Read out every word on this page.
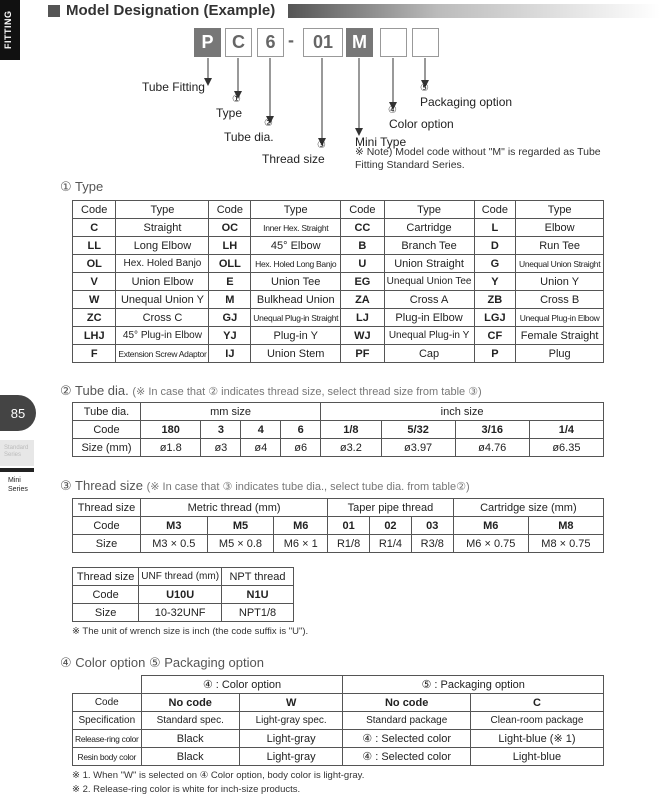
FITTING
85
Standard Series
Mini Series
Model Designation (Example)
P	C	6 -	01	M
Tube Fitting
①
Type
②
Tube dia.
③
Thread size
④
Color option
⑤
Packaging option
Mini Type
※ Note) Model code without "M" is regarded as Tube Fitting Standard Series.
① Type
Code	Type	Code	Type	Code	Type	Code	Type
C	Straight	OC	Inner Hex. Straight	CC	Cartridge	L	Elbow
LL	Long Elbow	LH	45° Elbow	B	Branch Tee	D	Run Tee
OL	Hex. Holed Banjo	OLL	Hex. Holed Long Banjo	U	Union Straight	G	Unequal Union Straight
V	Union Elbow	E	Union Tee	EG	Unequal Union Tee	Y	Union Y
W	Unequal Union Y	M	Bulkhead Union	ZA	Cross A	ZB	Cross B
ZC	Cross C	GJ	Unequal Plug-in Straight	LJ	Plug-in Elbow	LGJ	Unequal Plug-in Elbow
LHJ	45° Plug-in Elbow	YJ	Plug-in Y	WJ	Unequal Plug-in Y	CF	Female Straight
F	Extension Screw Adaptor	IJ	Union Stem	PF	Cap	P	Plug
② Tube dia. (※ In case that ② indicates thread size, select thread size from table ③)
Tube dia.	mm size				inch size			
Code	180	3	4	6	1/8	5/32	3/16	1/4
Size (mm)	ø1.8	ø3	ø4	ø6	ø3.2	ø3.97	ø4.76	ø6.35
③ Thread size (※ In case that ③ indicates tube dia., select tube dia. from table②)
Thread size	Metric thread (mm)			Taper pipe thread			Cartridge size (mm)	
Code	M3	M5	M6	01	02	03	M6	M8
Size	M3 × 0.5	M5 × 0.8	M6 × 1	R1/8	R1/4	R3/8	M6 × 0.75	M8 × 0.75
Thread size	UNF thread (mm)	NPT thread
Code	U10U	N1U
Size	10-32UNF	NPT1/8
※ The unit of wrench size is inch (the code suffix is "U").
④ Color option ⑤ Packaging option
	④ : Color option		⑤ : Packaging option	
Code	No code	W	No code	C
Specification	Standard spec.	Light-gray spec.	Standard package	Clean-room package
Release-ring color	Black	Light-gray	④ : Selected color	Light-blue (※ 1)
Resin body color	Black	Light-gray	④ : Selected color	Light-blue
※ 1. When "W" is selected on ④ Color option, body color is light-gray.
※ 2. Release-ring color is white for inch-size products.
